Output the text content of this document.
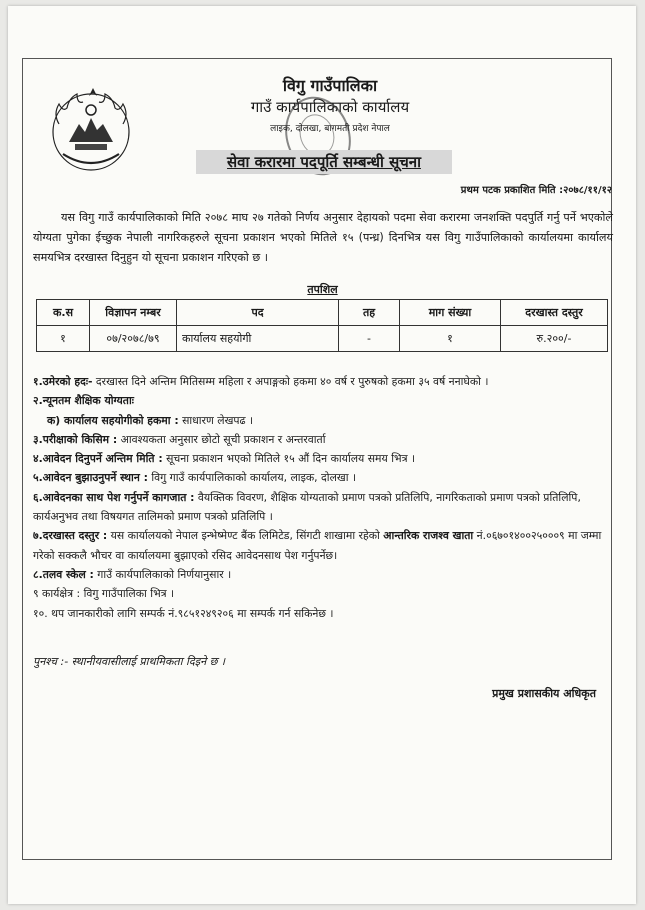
विगु गाउँपालिका
गाउँ कार्यपालिकाको कार्यालय
लाइक, दोलखा, बागमती प्रदेश नेपाल
सेवा करारमा पदपूर्ति सम्बन्धी सूचना
प्रथम पटक प्रकाशित मिति :२०७८/११/१२
यस विगु गाउँ कार्यपालिकाको मिति २०७८ माघ २७ गतेको निर्णय अनुसार देहायको पदमा सेवा करारमा जनशक्ति पदपुर्ति गर्नु पर्ने भएकोले योग्यता पुगेका ईच्छुक नेपाली नागरिकहरुले सूचना प्रकाशन भएको मितिले १५ (पन्ध्र) दिनभित्र यस विगु गाउँपालिकाको कार्यालयमा कार्यालय समयभित्र दरखास्त दिनुहुन यो सूचना प्रकाशन गरिएको छ ।
तपशिल
क.स	विज्ञापन नम्बर	पद	तह	माग संख्या	दरखास्त दस्तुर
१	०७/२०७८/७९	कार्यालय सहयोगी	-	१	रु.२००/-
१.उमेरको हदः- दरखास्त दिने अन्तिम मितिसम्म महिला र अपाङ्गको हकमा ४० वर्ष र पुरुषको हकमा ३५ वर्ष ननाघेको ।
२.न्यूनतम शैक्षिक योग्यताः
क) कार्यालय सहयोगीको हकमा : साधारण लेखपढ ।
३.परीक्षाको किसिम : आवश्यकता अनुसार छोटो सूची प्रकाशन र अन्तरवार्ता
४.आवेदन दिनुपर्ने अन्तिम मिति : सूचना प्रकाशन भएको मितिले १५ औं दिन कार्यालय समय भित्र ।
५.आवेदन बुझाउनुपर्ने स्थान : विगु गाउँ कार्यपालिकाको कार्यालय, लाइक, दोलखा ।
६.आवेदनका साथ पेश गर्नुपर्ने कागजात : वैयक्तिक विवरण, शैक्षिक योग्यताको प्रमाण पत्रको प्रतिलिपि, नागरिकताको प्रमाण पत्रको प्रतिलिपि, कार्यअनुभव तथा विषयगत तालिमको प्रमाण पत्रको प्रतिलिपि ।
७.दरखास्त दस्तुर : यस कार्यालयको नेपाल इन्भेष्मेण्ट बैंक लिमिटेड, सिंगटी शाखामा रहेको आन्तरिक राजश्व खाता नं.०६७०१४००२५०००९ मा जम्मा गरेको सक्कलै भौचर वा कार्यालयमा बुझाएको रसिद आवेदनसाथ पेश गर्नुपर्नेछ।
८.तलव स्केल : गाउँ कार्यपालिकाको निर्णयानुसार ।
९ कार्यक्षेत्र : विगु गाउँपालिका भित्र ।
१०. थप जानकारीको लागि सम्पर्क नं.९८५१२४९२०६ मा सम्पर्क गर्न सकिनेछ ।
पुनश्च :- स्थानीयवासीलाई प्राथमिकता दिइने छ ।
प्रमुख प्रशासकीय अधिकृत
